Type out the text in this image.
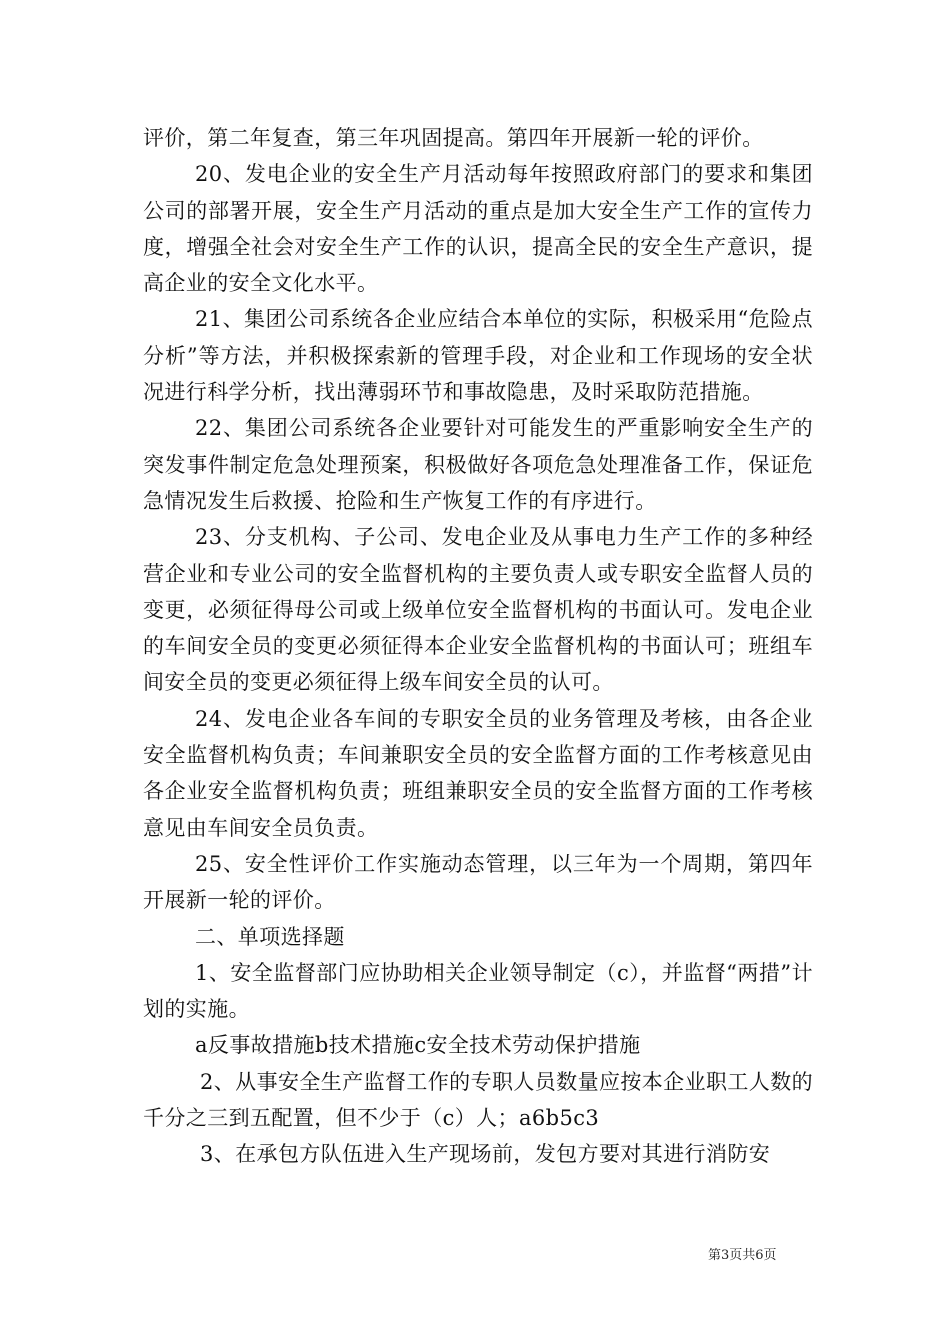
评价，第二年复查，第三年巩固提高。第四年开展新一轮的评价。

20、发电企业的安全生产月活动每年按照政府部门的要求和集团公司的部署开展，安全生产月活动的重点是加大安全生产工作的宣传力度，增强全社会对安全生产工作的认识，提高全民的安全生产意识，提高企业的安全文化水平。

21、集团公司系统各企业应结合本单位的实际，积极采用“危险点分析”等方法，并积极探索新的管理手段，对企业和工作现场的安全状况进行科学分析，找出薄弱环节和事故隐患，及时采取防范措施。

22、集团公司系统各企业要针对可能发生的严重影响安全生产的突发事件制定危急处理预案，积极做好各项危急处理准备工作，保证危急情况发生后救援、抢险和生产恢复工作的有序进行。

23、分支机构、子公司、发电企业及从事电力生产工作的多种经营企业和专业公司的安全监督机构的主要负责人或专职安全监督人员的变更，必须征得母公司或上级单位安全监督机构的书面认可。发电企业的车间安全员的变更必须征得本企业安全监督机构的书面认可；班组车间安全员的变更必须征得上级车间安全员的认可。

24、发电企业各车间的专职安全员的业务管理及考核，由各企业安全监督机构负责；车间兼职安全员的安全监督方面的工作考核意见由各企业安全监督机构负责；班组兼职安全员的安全监督方面的工作考核意见由车间安全员负责。

25、安全性评价工作实施动态管理，以三年为一个周期，第四年开展新一轮的评价。

二、单项选择题

1、安全监督部门应协助相关企业领导制定（c），并监督“两措”计划的实施。

a反事故措施b技术措施c安全技术劳动保护措施

2、从事安全生产监督工作的专职人员数量应按本企业职工人数的千分之三到五配置，但不少于（c）人；a6b5c3

3、在承包方队伍进入生产现场前，发包方要对其进行消防安

第3页共6页
